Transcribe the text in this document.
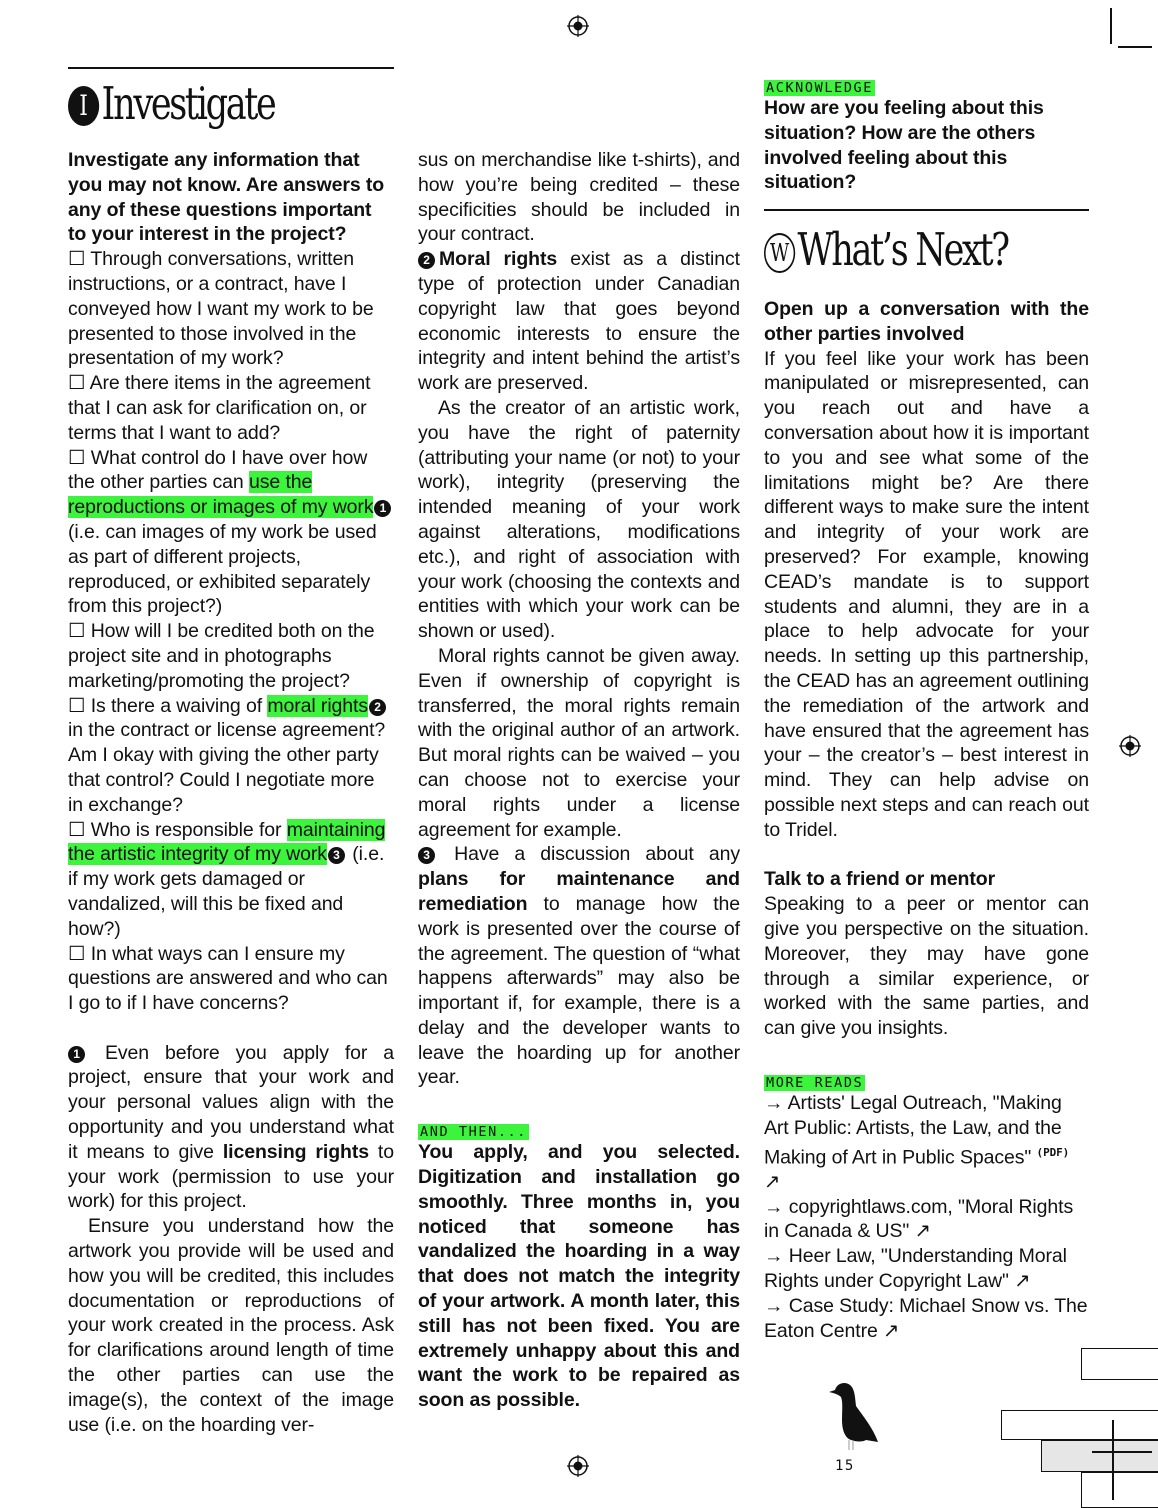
15
I Investigate

Investigate any information that you may not know. Are answers to any of these questions important to your interest in the project?

☐ Through conversations, written instructions, or a contract, have I conveyed how I want my work to be presented to those involved in the presentation of my work?

☐ Are there items in the agreement that I can ask for clarification on, or terms that I want to add?

☐ What control do I have over how the other parties can use the reproductions or images of my work 1 (i.e. can images of my work be used as part of different projects, reproduced, or exhibited separately from this project?)

☐ How will I be credited both on the project site and in photographs marketing/promoting the project?

☐ Is there a waiving of moral rights 2 in the contract or license agreement? Am I okay with giving the other party that control? Could I negotiate more in exchange?

☐ Who is responsible for maintaining the artistic integrity of my work 3 (i.e. if my work gets damaged or vandalized, will this be fixed and how?)

☐ In what ways can I ensure my questions are answered and who can I go to if I have concerns?

1 Even before you apply for a project, ensure that your work and your personal values align with the opportunity and you understand what it means to give licensing rights to your work (permission to use your work) for this project.

Ensure you understand how the artwork you provide will be used and how you will be credited, this includes documentation or reproductions of your work created in the process. Ask for clarifications around length of time the other parties can use the image(s), the context of the image use (i.e. on the hoarding ver-

sus on merchandise like t-shirts), and how you’re being credited – these specificities should be included in your contract.

2 Moral rights exist as a distinct type of protection under Canadian copyright law that goes beyond economic interests to ensure the integrity and intent behind the artist’s work are preserved.

As the creator of an artistic work, you have the right of paternity (attributing your name (or not) to your work), integrity (preserving the intended meaning of your work against alterations, modifications etc.), and right of association with your work (choosing the contexts and entities with which your work can be shown or used).

Moral rights cannot be given away. Even if ownership of copyright is transferred, the moral rights remain with the original author of an artwork. But moral rights can be waived – you can choose not to exercise your moral rights under a license agreement for example.

3 Have a discussion about any plans for maintenance and remediation to manage how the work is presented over the course of the agreement. The question of “what happens afterwards” may also be important if, for example, there is a delay and the developer wants to leave the hoarding up for another year.

AND THEN...

You apply, and you selected. Digitization and installation go smoothly. Three months in, you noticed that someone has vandalized the hoarding in a way that does not match the integrity of your artwork. A month later, this still has not been fixed. You are extremely unhappy about this and want the work to be repaired as soon as possible.

ACKNOWLEDGE

How are you feeling about this situation? How are the others involved feeling about this situation?

W What’s Next?

Open up a conversation with the other parties involved

If you feel like your work has been manipulated or misrepresented, can you reach out and have a conversation about how it is important to you and see what some of the limitations might be? Are there different ways to make sure the intent and integrity of your work are preserved? For example, knowing CEAD’s mandate is to support students and alumni, they are in a place to help advocate for your needs. In setting up this partnership, the CEAD has an agreement outlining the remediation of the artwork and have ensured that the agreement has your – the creator’s – best interest in mind. They can help advise on possible next steps and can reach out to Tridel.

Talk to a friend or mentor

Speaking to a peer or mentor can give you perspective on the situation. Moreover, they may have gone through a similar experience, or worked with the same parties, and can give you insights.

MORE READS

→ Artists' Legal Outreach, "Making Art Public: Artists, the Law, and the Making of Art in Public Spaces" $^{(PDF)}$
↗

→ copyrightlaws.com, "Moral Rights in Canada & US" ↗

→ Heer Law, "Understanding Moral Rights under Copyright Law" ↗

→ Case Study: Michael Snow vs. The Eaton Centre ↗
